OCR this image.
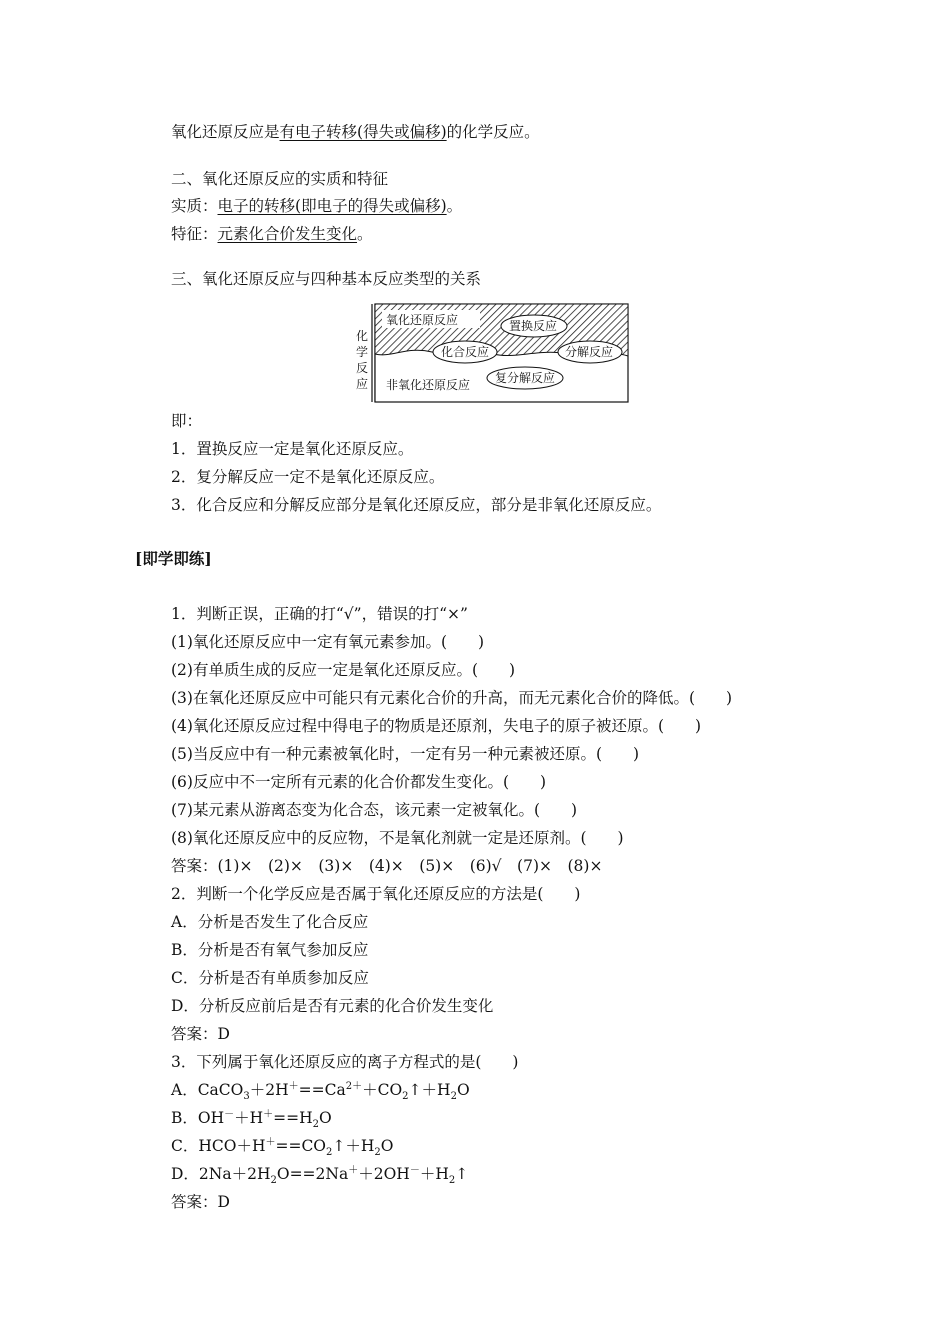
氧化还原反应是有电子转移(得失或偏移)的化学反应。
二、氧化还原反应的实质和特征
实质：电子的转移(即电子的得失或偏移)。
特征：元素化合价发生变化。
三、氧化还原反应与四种基本反应类型的关系
化
学
反
应
氧化还原反应	置换反应
化合反应	分解反应
复分解反应
非氧化还原反应
即：
1．置换反应一定是氧化还原反应。
2．复分解反应一定不是氧化还原反应。
3．化合反应和分解反应部分是氧化还原反应，部分是非氧化还原反应。
[即学即练]
1．判断正误，正确的打“√”，错误的打“×”
(1)氧化还原反应中一定有氧元素参加。(　　)
(2)有单质生成的反应一定是氧化还原反应。(　　)
(3)在氧化还原反应中可能只有元素化合价的升高，而无元素化合价的降低。(　　)
(4)氧化还原反应过程中得电子的物质是还原剂，失电子的原子被还原。(　　)
(5)当反应中有一种元素被氧化时，一定有另一种元素被还原。(　　)
(6)反应中不一定所有元素的化合价都发生变化。(　　)
(7)某元素从游离态变为化合态，该元素一定被氧化。(　　)
(8)氧化还原反应中的反应物，不是氧化剂就一定是还原剂。(　　)
答案：(1)×　(2)×　(3)×　(4)×　(5)×　(6)√　(7)×　(8)×
2．判断一个化学反应是否属于氧化还原反应的方法是(　　)
A．分析是否发生了化合反应
B．分析是否有氧气参加反应
C．分析是否有单质参加反应
D．分析反应前后是否有元素的化合价发生变化
答案：D
3．下列属于氧化还原反应的离子方程式的是(　　)
A．$CaCO_3+2H^+==Ca^{2+}+CO_2↑+H_2O$
B．$OH^-+H^+==H_2O$
C．$HCO+H^+==CO_2↑+H_2O$
D．$2Na+2H_2O==2Na^++2OH^-+H_2↑$
答案：D
